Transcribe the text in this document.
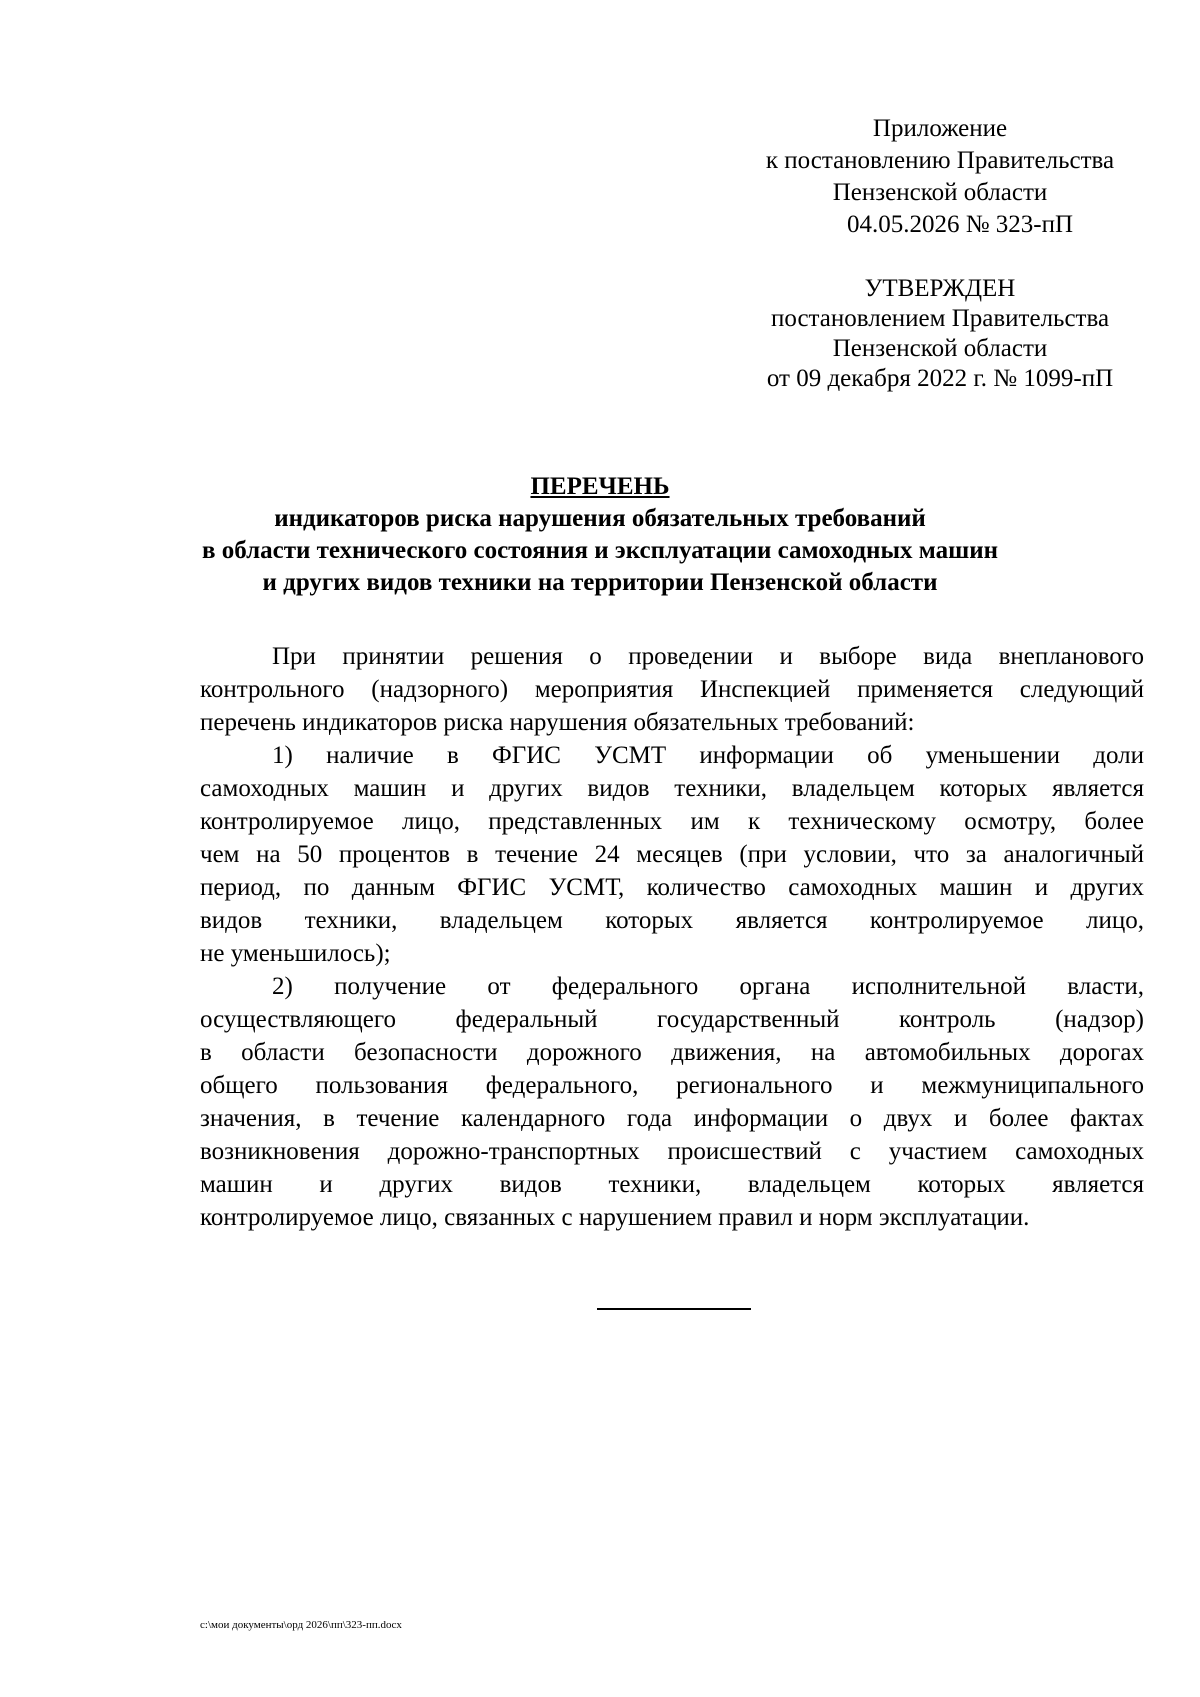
Приложение
к постановлению Правительства
Пензенской области
04.05.2026 № 323-пП
УТВЕРЖДЕН
постановлением Правительства
Пензенской области
от 09 декабря 2022 г. № 1099-пП
ПЕРЕЧЕНЬ
индикаторов риска нарушения обязательных требований
в области технического состояния и эксплуатации самоходных машин
и других видов техники на территории Пензенской области
При принятии решения о проведении и выборе вида внепланового
контрольного (надзорного) мероприятия Инспекцией применяется следующий
перечень индикаторов риска нарушения обязательных требований:
1) наличие в ФГИС УСМТ информации об уменьшении доли
самоходных машин и других видов техники, владельцем которых является
контролируемое лицо, представленных им к техническому осмотру, более
чем на 50 процентов в течение 24 месяцев (при условии, что за аналогичный
период, по данным ФГИС УСМТ, количество самоходных машин и других
видов техники, владельцем которых является контролируемое лицо,
не уменьшилось);
2) получение от федерального органа исполнительной власти,
осуществляющего федеральный государственный контроль (надзор)
в области безопасности дорожного движения, на автомобильных дорогах
общего пользования федерального, регионального и межмуниципального
значения, в течение календарного года информации о двух и более фактах
возникновения дорожно-транспортных происшествий с участием самоходных
машин и других видов техники, владельцем которых является
контролируемое лицо, связанных с нарушением правил и норм эксплуатации.
c:\мои документы\орд 2026\пп\323-пп.docx
